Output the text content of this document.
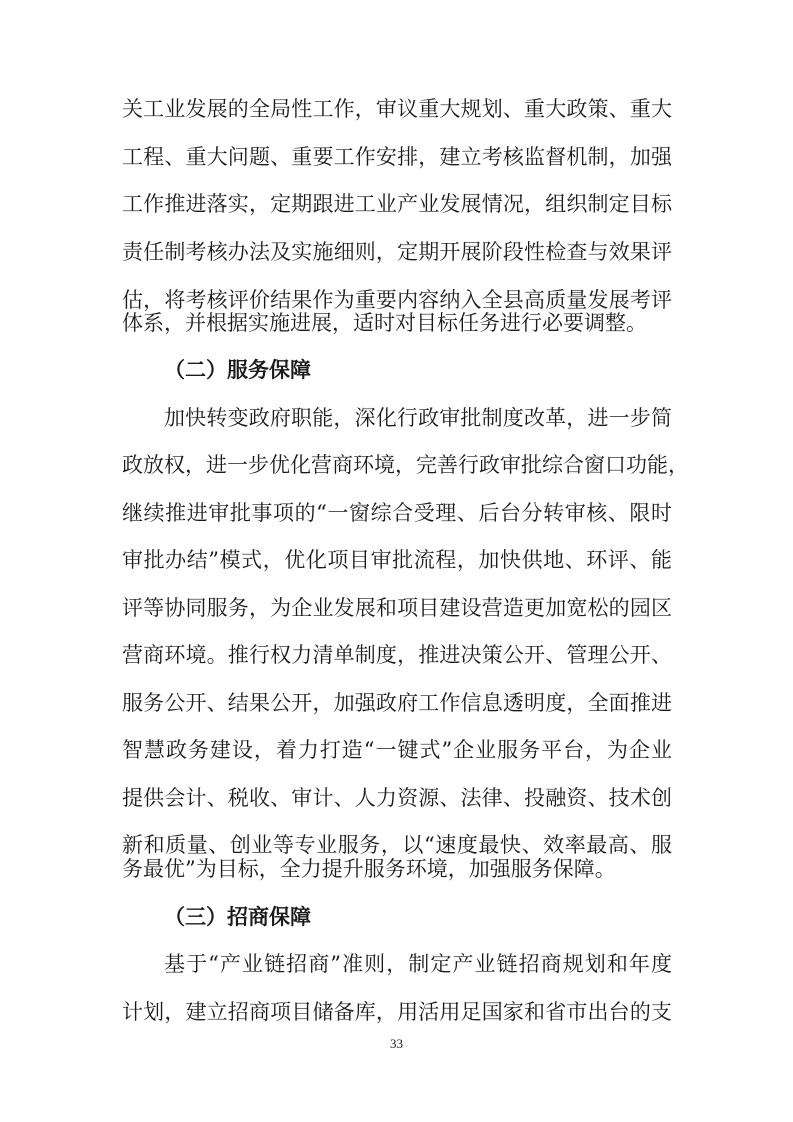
关工业发展的全局性工作，审议重大规划、重大政策、重大
工程、重大问题、重要工作安排，建立考核监督机制，加强
工作推进落实，定期跟进工业产业发展情况，组织制定目标
责任制考核办法及实施细则，定期开展阶段性检查与效果评
估，将考核评价结果作为重要内容纳入全县高质量发展考评
体系，并根据实施进展，适时对目标任务进行必要调整。
（二）服务保障
加快转变政府职能，深化行政审批制度改革，进一步简
政放权，进一步优化营商环境，完善行政审批综合窗口功能，
继续推进审批事项的“一窗综合受理、后台分转审核、限时
审批办结”模式，优化项目审批流程，加快供地、环评、能
评等协同服务，为企业发展和项目建设营造更加宽松的园区
营商环境。推行权力清单制度，推进决策公开、管理公开、
服务公开、结果公开，加强政府工作信息透明度，全面推进
智慧政务建设，着力打造“一键式”企业服务平台，为企业
提供会计、税收、审计、人力资源、法律、投融资、技术创
新和质量、创业等专业服务，以“速度最快、效率最高、服
务最优”为目标，全力提升服务环境，加强服务保障。
（三）招商保障
基于“产业链招商”准则，制定产业链招商规划和年度
计划，建立招商项目储备库，用活用足国家和省市出台的支
33
